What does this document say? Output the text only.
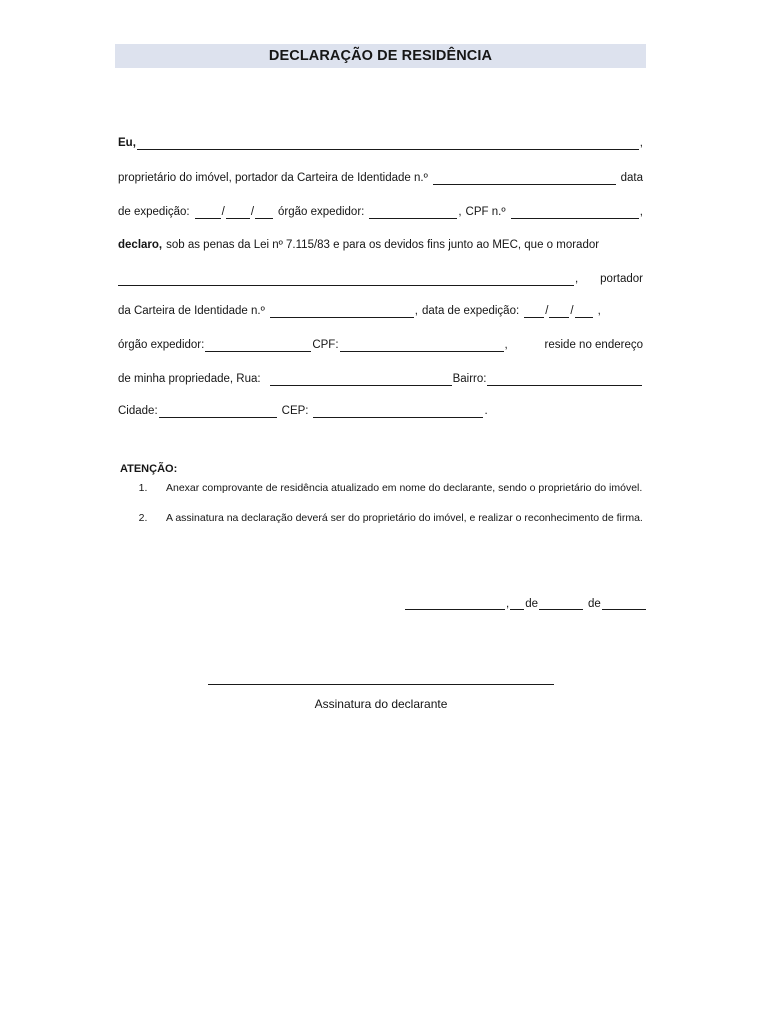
DECLARAÇÃO DE RESIDÊNCIA
Eu,	,
proprietário do imóvel, portador da Carteira de Identidade n.º	data
de expedição:	/ / órgão expedidor:	, CPF n.º	,
declaro, sob as penas da Lei nº 7.115/83 e para os devidos fins junto ao MEC, que o morador
, portador
da Carteira de Identidade n.º	, data de expedição: / / ,
órgão expedidor:	CPF:	,	reside no endereço
de minha propriedade, Rua:	Bairro:
Cidade:	CEP:	.
ATENÇÃO:
1.	Anexar comprovante de residência atualizado em nome do declarante, sendo o proprietário do imóvel.
2.	A assinatura na declaração deverá ser do proprietário do imóvel, e realizar o reconhecimento de firma.
, de	de
Assinatura do declarante
